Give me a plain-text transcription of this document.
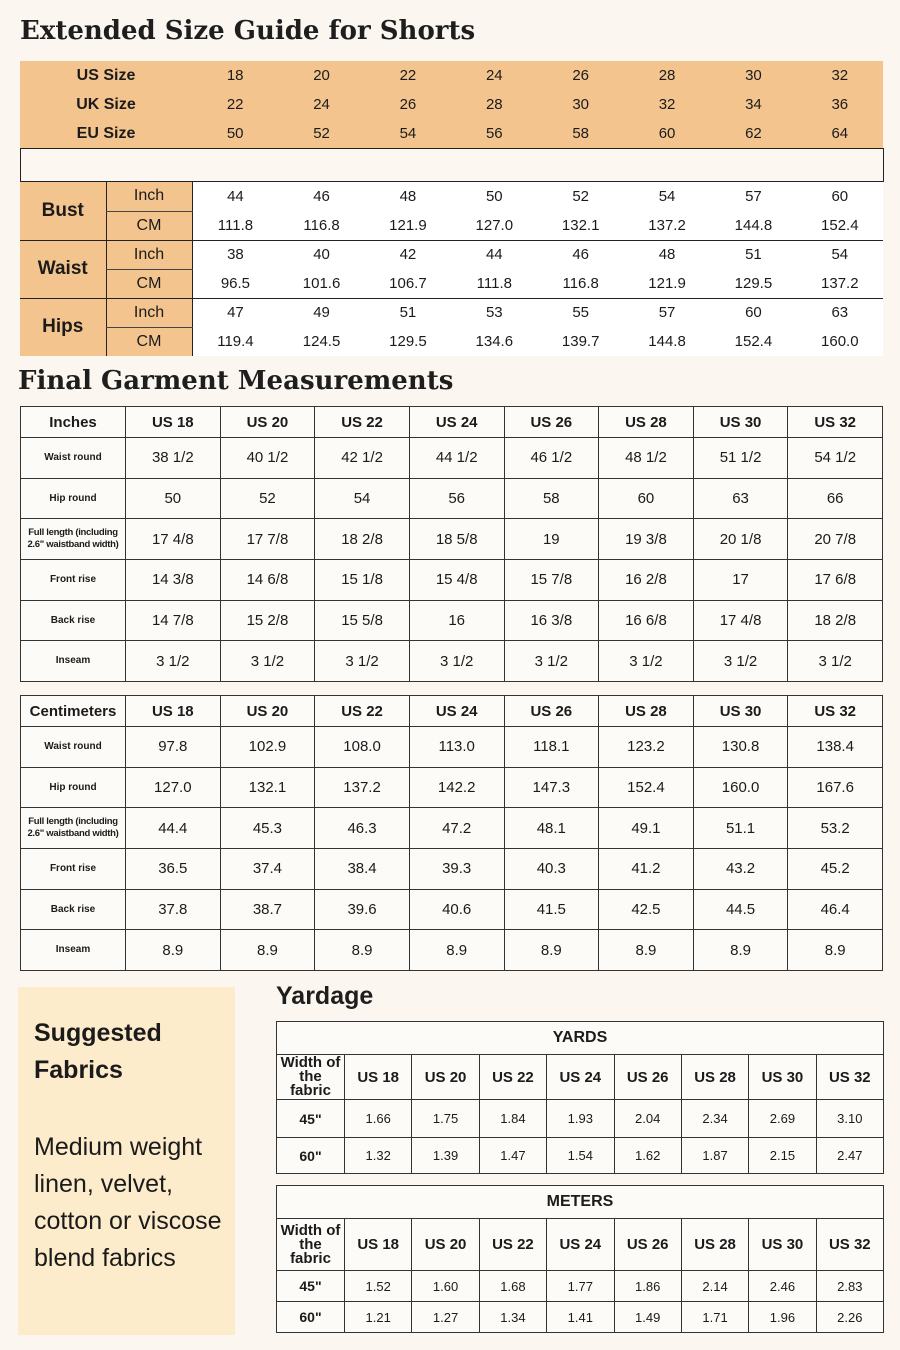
Extended Size Guide for Shorts
US Size	18	20	22	24	26	28	30	32
UK Size	22	24	26	28	30	32	34	36
EU Size	50	52	54	56	58	60	62	64
Bust	Inch	44	46	48	50	52	54	57	60
	CM	111.8	116.8	121.9	127.0	132.1	137.2	144.8	152.4
Waist	Inch	38	40	42	44	46	48	51	54
	CM	96.5	101.6	106.7	111.8	116.8	121.9	129.5	137.2
Hips	Inch	47	49	51	53	55	57	60	63
	CM	119.4	124.5	129.5	134.6	139.7	144.8	152.4	160.0
Final Garment Measurements
Inches	US 18	US 20	US 22	US 24	US 26	US 28	US 30	US 32
Waist round	38 1/2	40 1/2	42 1/2	44 1/2	46 1/2	48 1/2	51 1/2	54 1/2
Hip round	50	52	54	56	58	60	63	66
Full length (including 2.6" waistband width)	17 4/8	17 7/8	18 2/8	18 5/8	19	19 3/8	20 1/8	20 7/8
Front rise	14 3/8	14 6/8	15 1/8	15 4/8	15 7/8	16 2/8	17	17 6/8
Back rise	14 7/8	15 2/8	15 5/8	16	16 3/8	16 6/8	17 4/8	18 2/8
Inseam	3 1/2	3 1/2	3 1/2	3 1/2	3 1/2	3 1/2	3 1/2	3 1/2
Centimeters	US 18	US 20	US 22	US 24	US 26	US 28	US 30	US 32
Waist round	97.8	102.9	108.0	113.0	118.1	123.2	130.8	138.4
Hip round	127.0	132.1	137.2	142.2	147.3	152.4	160.0	167.6
Full length (including 2.6" waistband width)	44.4	45.3	46.3	47.2	48.1	49.1	51.1	53.2
Front rise	36.5	37.4	38.4	39.3	40.3	41.2	43.2	45.2
Back rise	37.8	38.7	39.6	40.6	41.5	42.5	44.5	46.4
Inseam	8.9	8.9	8.9	8.9	8.9	8.9	8.9	8.9
Suggested Fabrics
Medium weight linen, velvet, cotton or viscose blend fabrics
Yardage
YARDS								
Width of the fabric	US 18	US 20	US 22	US 24	US 26	US 28	US 30	US 32
45"	1.66	1.75	1.84	1.93	2.04	2.34	2.69	3.10
60"	1.32	1.39	1.47	1.54	1.62	1.87	2.15	2.47
METERS								
Width of the fabric	US 18	US 20	US 22	US 24	US 26	US 28	US 30	US 32
45"	1.52	1.60	1.68	1.77	1.86	2.14	2.46	2.83
60"	1.21	1.27	1.34	1.41	1.49	1.71	1.96	2.26
